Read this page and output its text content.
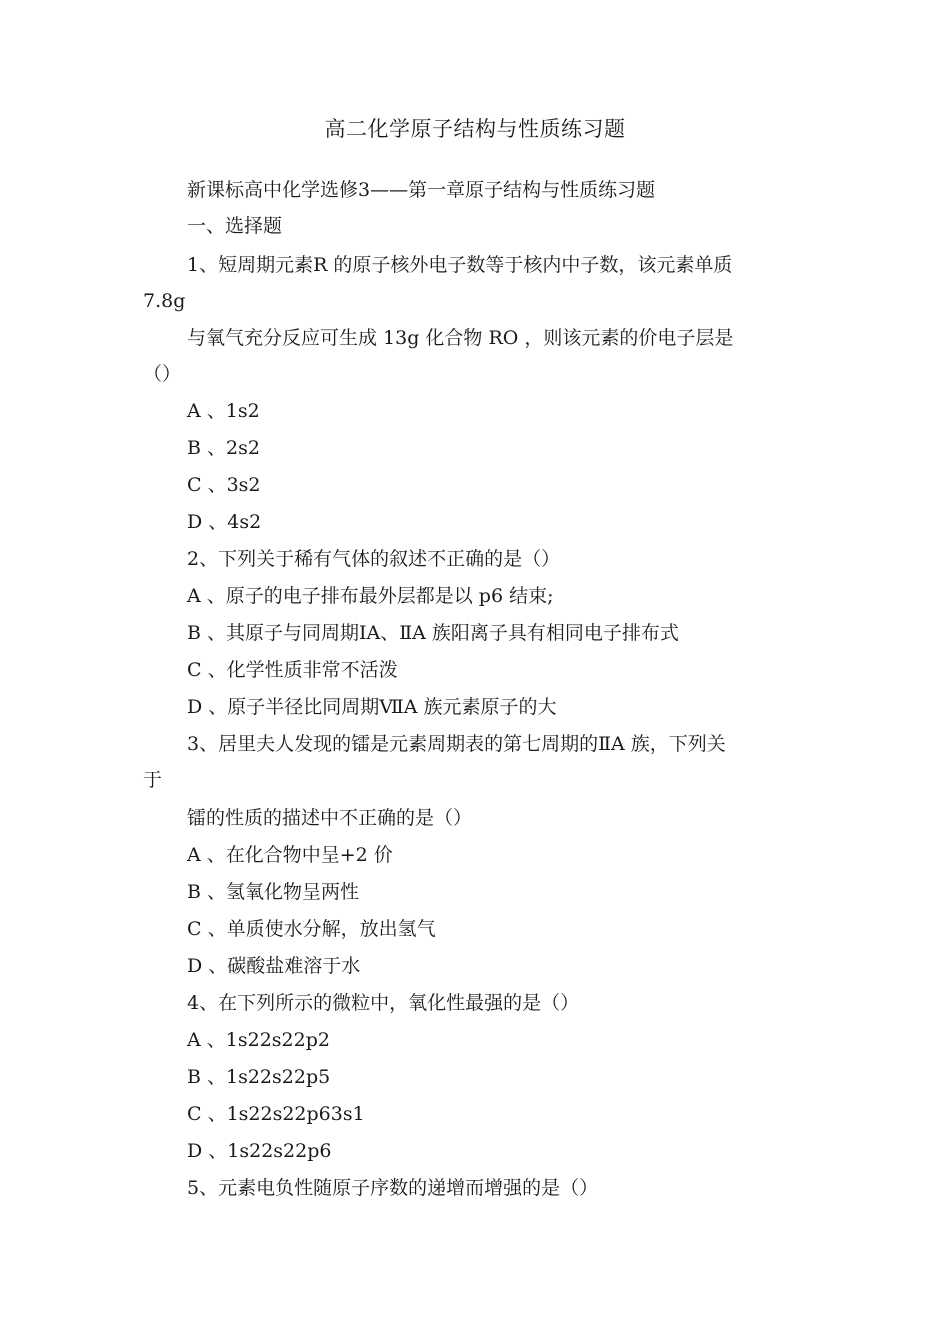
高二化学原子结构与性质练习题
新课标高中化学选修3——第一章原子结构与性质练习题
一、选择题
1、短周期元素R 的原子核外电子数等于核内中子数，该元素单质
7.8g
与氧气充分反应可生成 13g 化合物 RO ，则该元素的价电子层是
（）
A 、1s2
B 、2s2
C 、3s2
D 、4s2
2、下列关于稀有气体的叙述不正确的是（）
A 、原子的电子排布最外层都是以 p6 结束;
B 、其原子与同周期ⅠA、ⅡA 族阳离子具有相同电子排布式
C 、化学性质非常不活泼
D 、原子半径比同周期ⅦA 族元素原子的大
3、居里夫人发现的镭是元素周期表的第七周期的ⅡA 族，下列关
于
镭的性质的描述中不正确的是（）
A 、在化合物中呈+2 价
B 、氢氧化物呈两性
C 、单质使水分解，放出氢气
D 、碳酸盐难溶于水
4、在下列所示的微粒中，氧化性最强的是（）
A 、1s22s22p2
B 、1s22s22p5
C 、1s22s22p63s1
D 、1s22s22p6
5、元素电负性随原子序数的递增而增强的是（）
